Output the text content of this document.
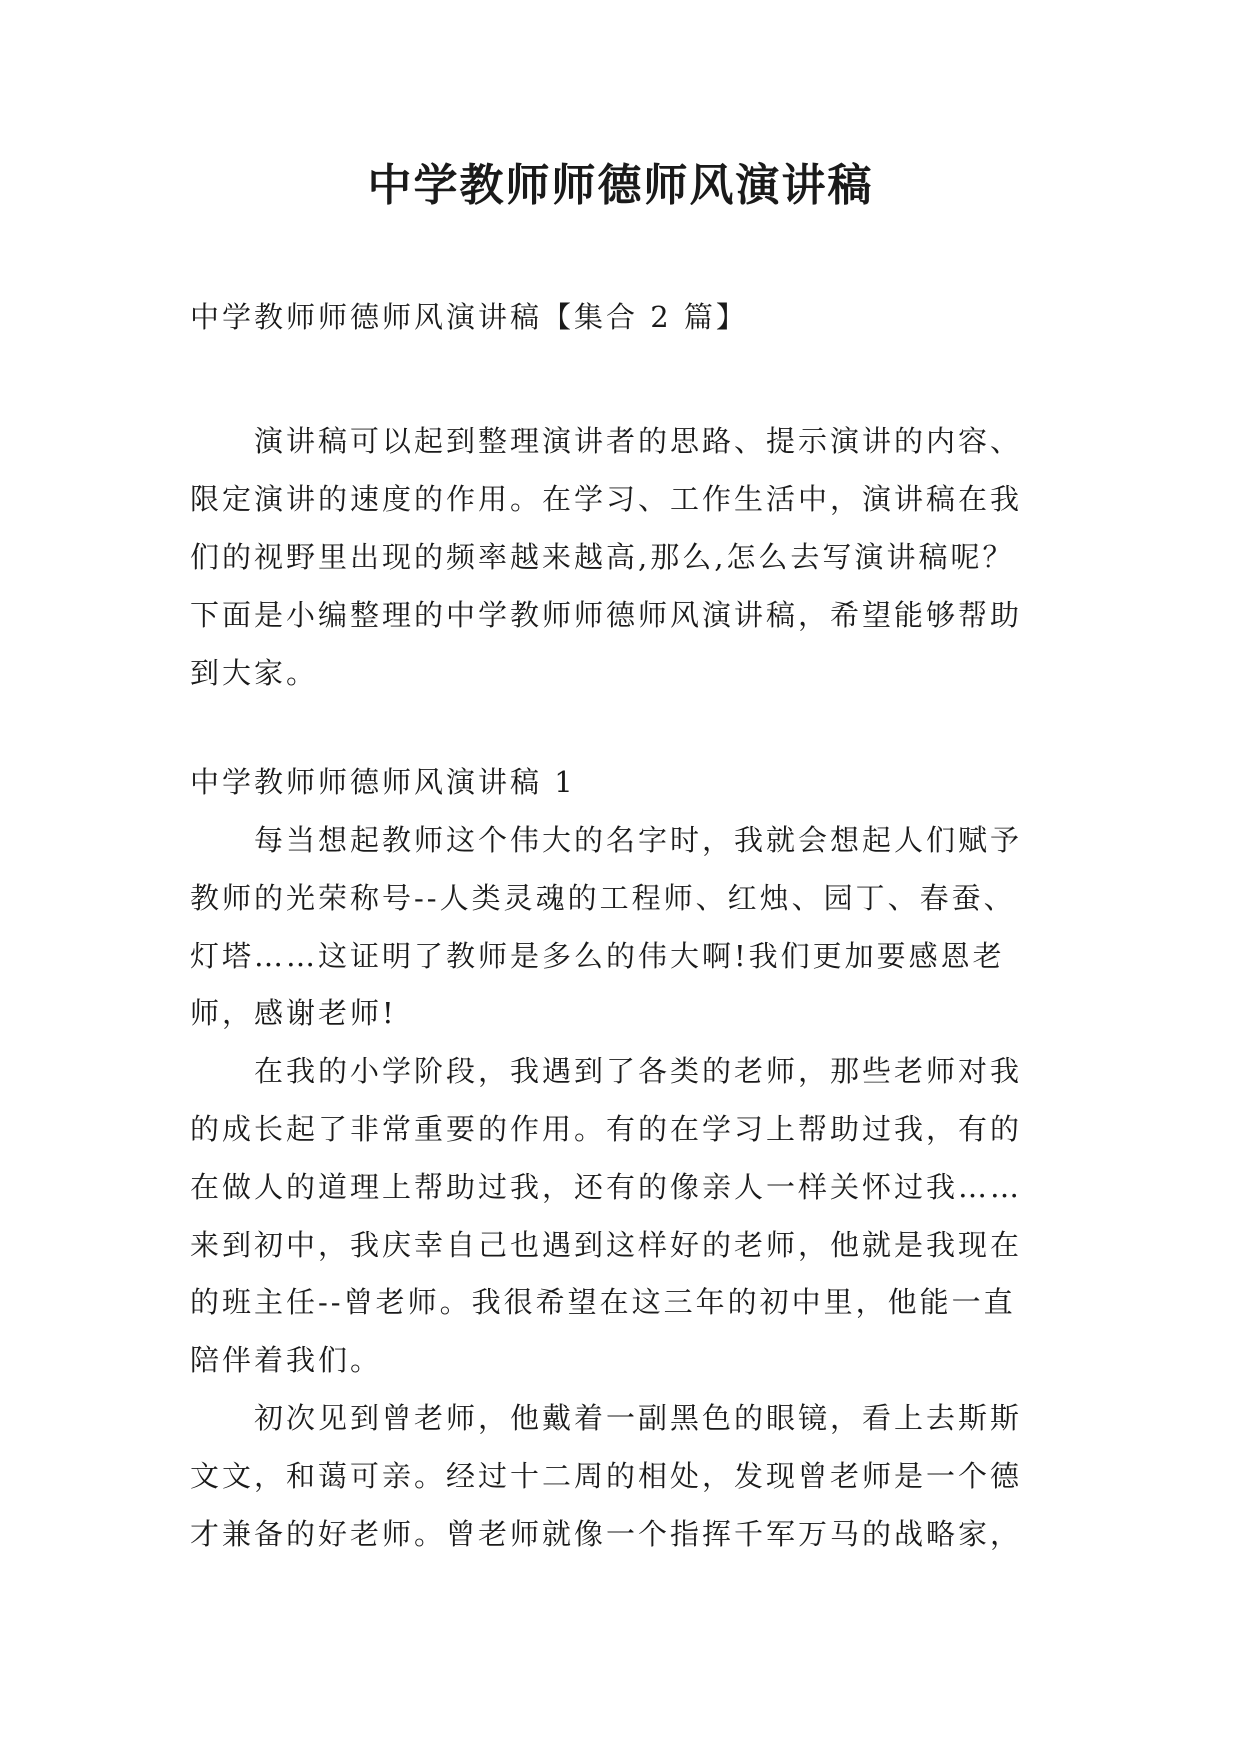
中学教师师德师风演讲稿

中学教师师德师风演讲稿【集合 2 篇】

演讲稿可以起到整理演讲者的思路、提示演讲的内容、
限定演讲的速度的作用。在学习、工作生活中，演讲稿在我
们的视野里出现的频率越来越高,那么,怎么去写演讲稿呢？
下面是小编整理的中学教师师德师风演讲稿，希望能够帮助
到大家。

中学教师师德师风演讲稿 1

每当想起教师这个伟大的名字时，我就会想起人们赋予
教师的光荣称号--人类灵魂的工程师、红烛、园丁、春蚕、
灯塔……这证明了教师是多么的伟大啊!我们更加要感恩老
师，感谢老师!
在我的小学阶段，我遇到了各类的老师，那些老师对我
的成长起了非常重要的作用。有的在学习上帮助过我，有的
在做人的道理上帮助过我，还有的像亲人一样关怀过我……
来到初中，我庆幸自己也遇到这样好的老师，他就是我现在
的班主任--曾老师。我很希望在这三年的初中里，他能一直
陪伴着我们。
初次见到曾老师，他戴着一副黑色的眼镜，看上去斯斯
文文，和蔼可亲。经过十二周的相处，发现曾老师是一个德
才兼备的好老师。曾老师就像一个指挥千军万马的战略家，
